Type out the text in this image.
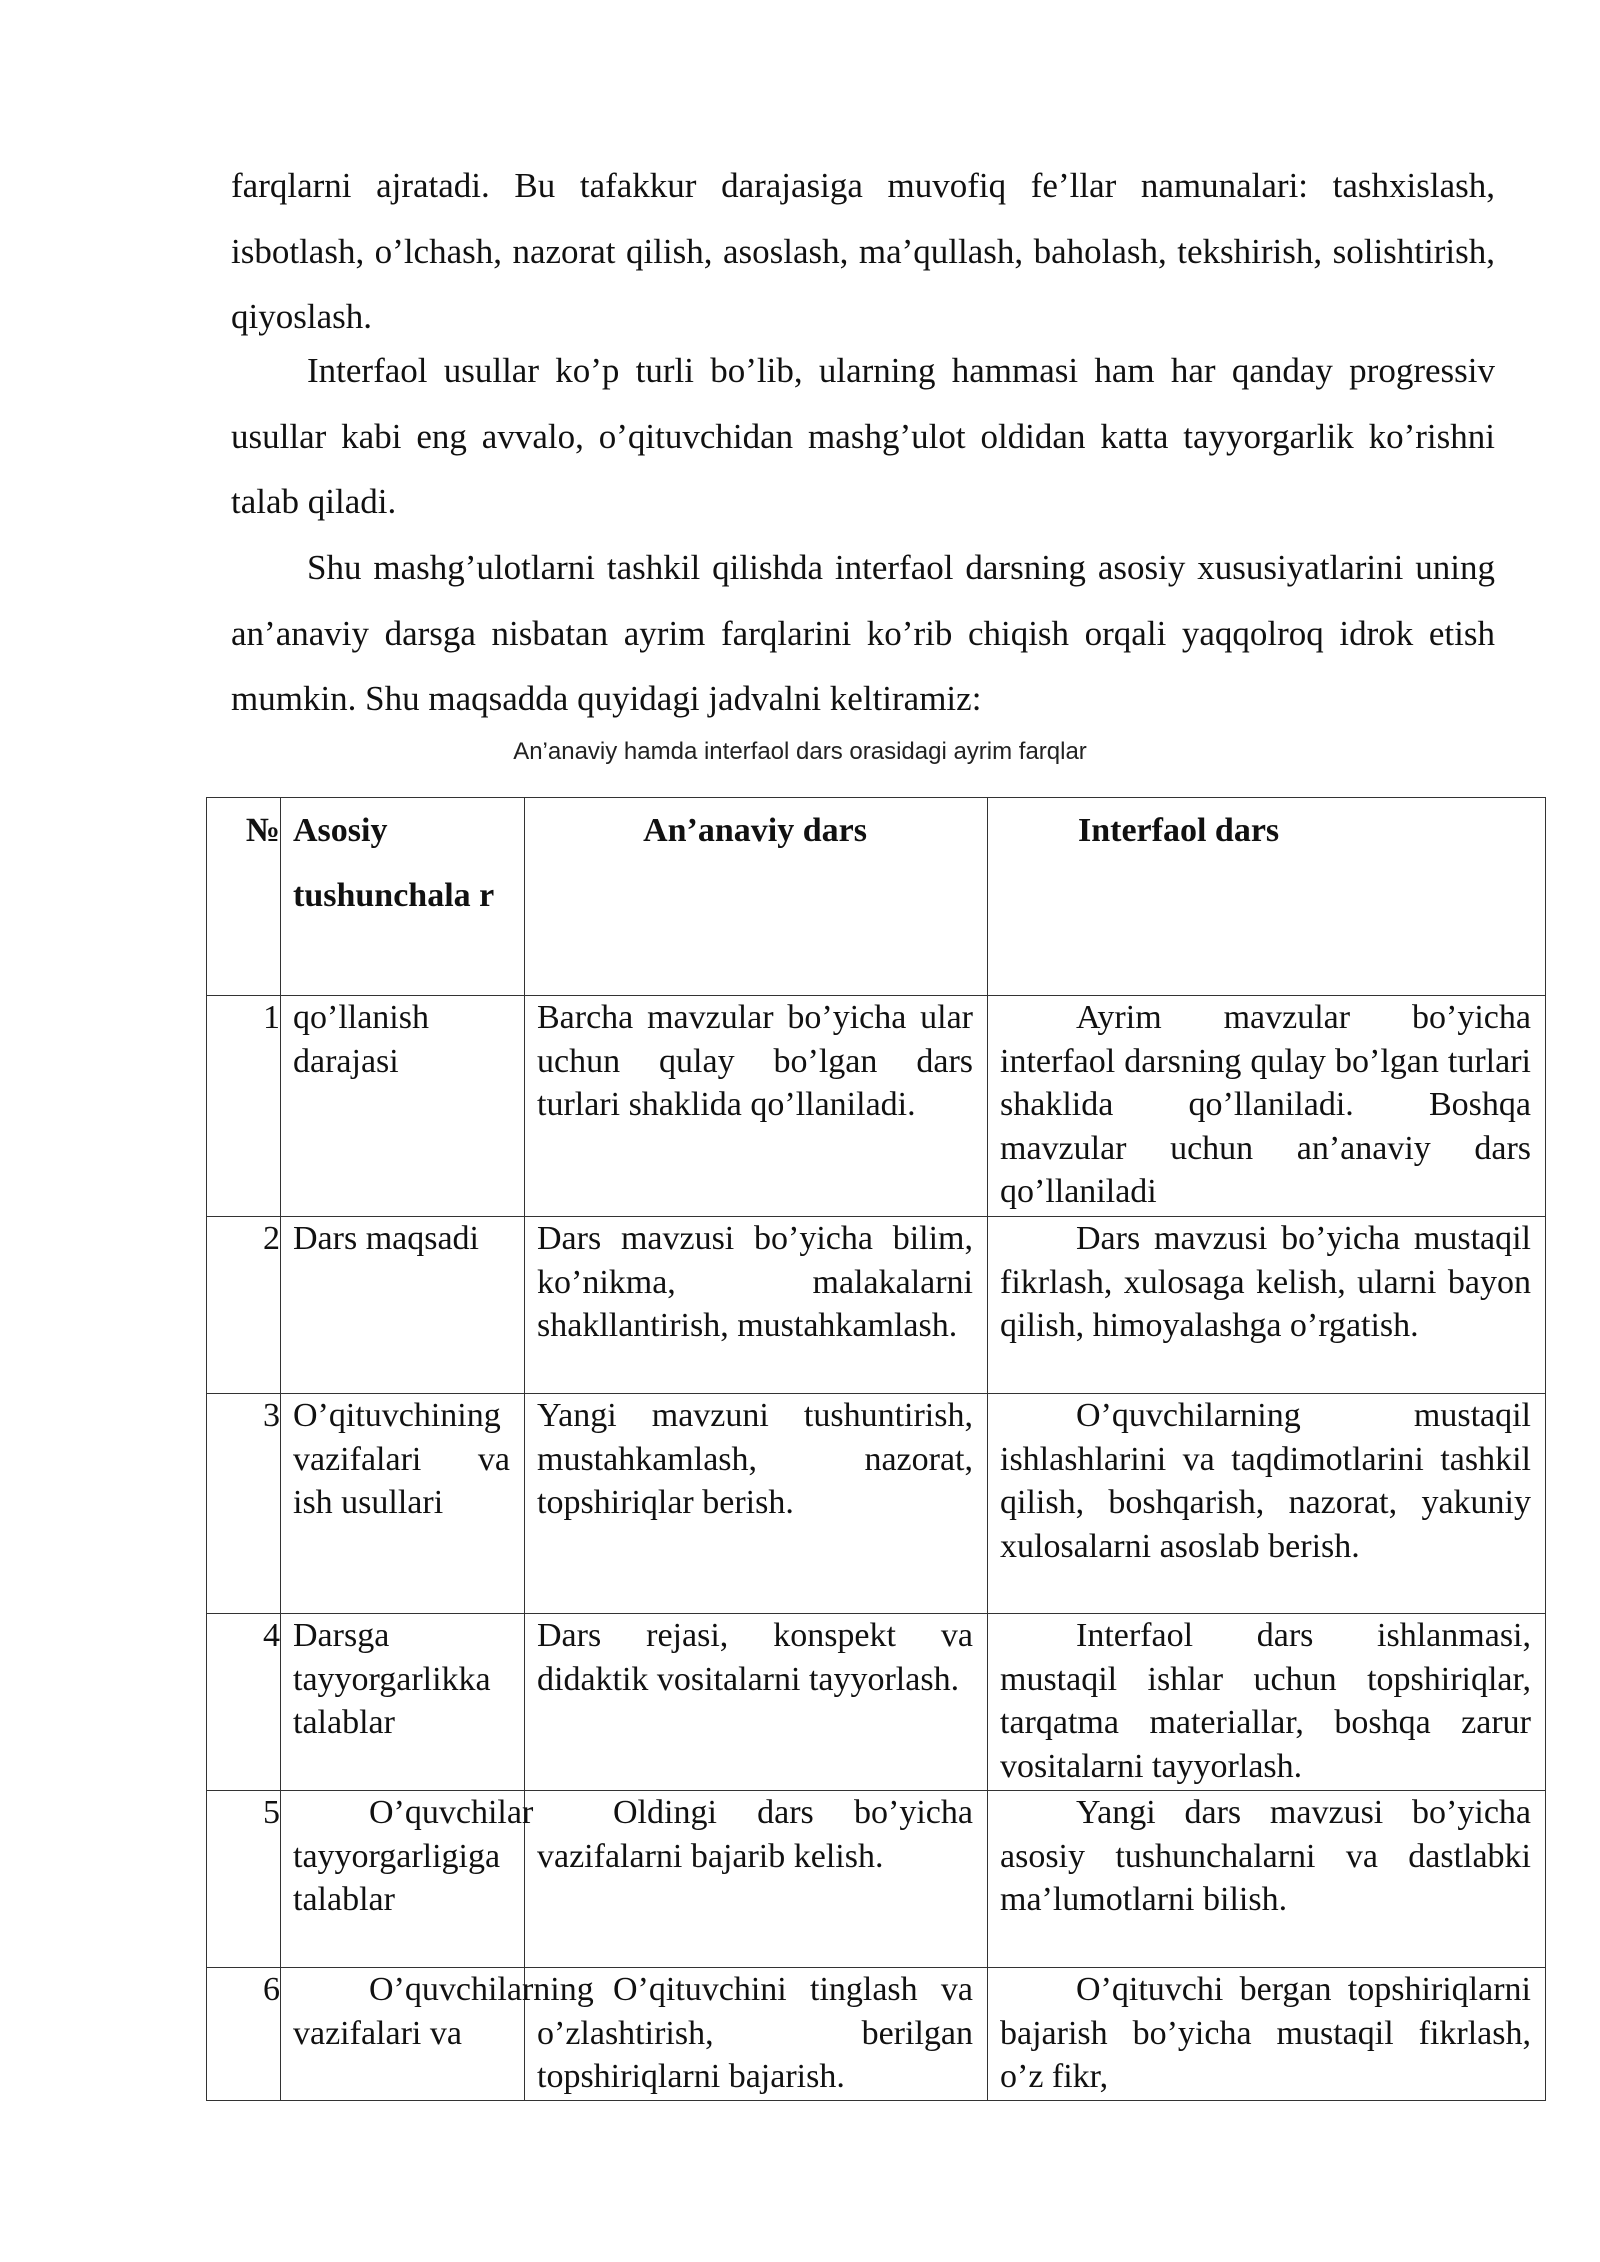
farqlarni ajratadi. Bu tafakkur darajasiga muvofiq fe’llar namunalari: tashxislash, isbotlash, o’lchash, nazorat qilish, asoslash, ma’qullash, baholash, tekshirish, solishtirish, qiyoslash.

Interfaol usullar ko’p turli bo’lib, ularning hammasi ham har qanday progressiv usullar kabi eng avvalo, o’qituvchidan mashg’ulot oldidan katta tayyorgarlik ko’rishni talab qiladi.

Shu mashg’ulotlarni tashkil qilishda interfaol darsning asosiy xususiyatlarini uning an’anaviy darsga nisbatan ayrim farqlarini ko’rib chiqish orqali yaqqolroq idrok etish mumkin. Shu maqsadda quyidagi jadvalni keltiramiz:

An’anaviy hamda interfaol dars orasidagi ayrim farqlar
№	Asosiy tushunchala r	An’anaviy dars	Interfaol dars
1	qo’llanish darajasi	Barcha mavzular bo’yicha ular uchun qulay bo’lgan dars turlari shaklida qo’llaniladi.	Ayrim mavzular bo’yicha interfaol darsning qulay bo’lgan turlari shaklida qo’llaniladi. Boshqa mavzular uchun an’anaviy dars qo’llaniladi
2	Dars maqsadi	Dars mavzusi bo’yicha bilim, ko’nikma, malakalarni shakllantirish, mustahkamlash.	Dars mavzusi bo’yicha mustaqil fikrlash, xulosaga kelish, ularni bayon qilish, himoyalashga o’rgatish.
3	O’qituvchining vazifalari va ish usullari	Yangi mavzuni tushuntirish, mustahkamlash, nazorat, topshiriqlar berish.	O’quvchilarning mustaqil ishlashlarini va taqdimotlarini tashkil qilish, boshqarish, nazorat, yakuniy xulosalarni asoslab berish.
4	Darsga tayyorgarlikka talablar	Dars rejasi, konspekt va didaktik vositalarni tayyorlash.	Interfaol dars ishlanmasi, mustaqil ishlar uchun topshiriqlar, tarqatma materiallar, boshqa zarur vositalarni tayyorlash.
5	O’quvchilar tayyorgarligiga talablar	Oldingi dars bo’yicha vazifalarni bajarib kelish.	Yangi dars mavzusi bo’yicha asosiy tushunchalarni va dastlabki ma’lumotlarni bilish.
6	O’quvchilarning vazifalari va	O’qituvchini tinglash va o’zlashtirish, berilgan topshiriqlarni bajarish.	O’qituvchi bergan topshiriqlarni bajarish bo’yicha mustaqil fikrlash, o’z fikr,
